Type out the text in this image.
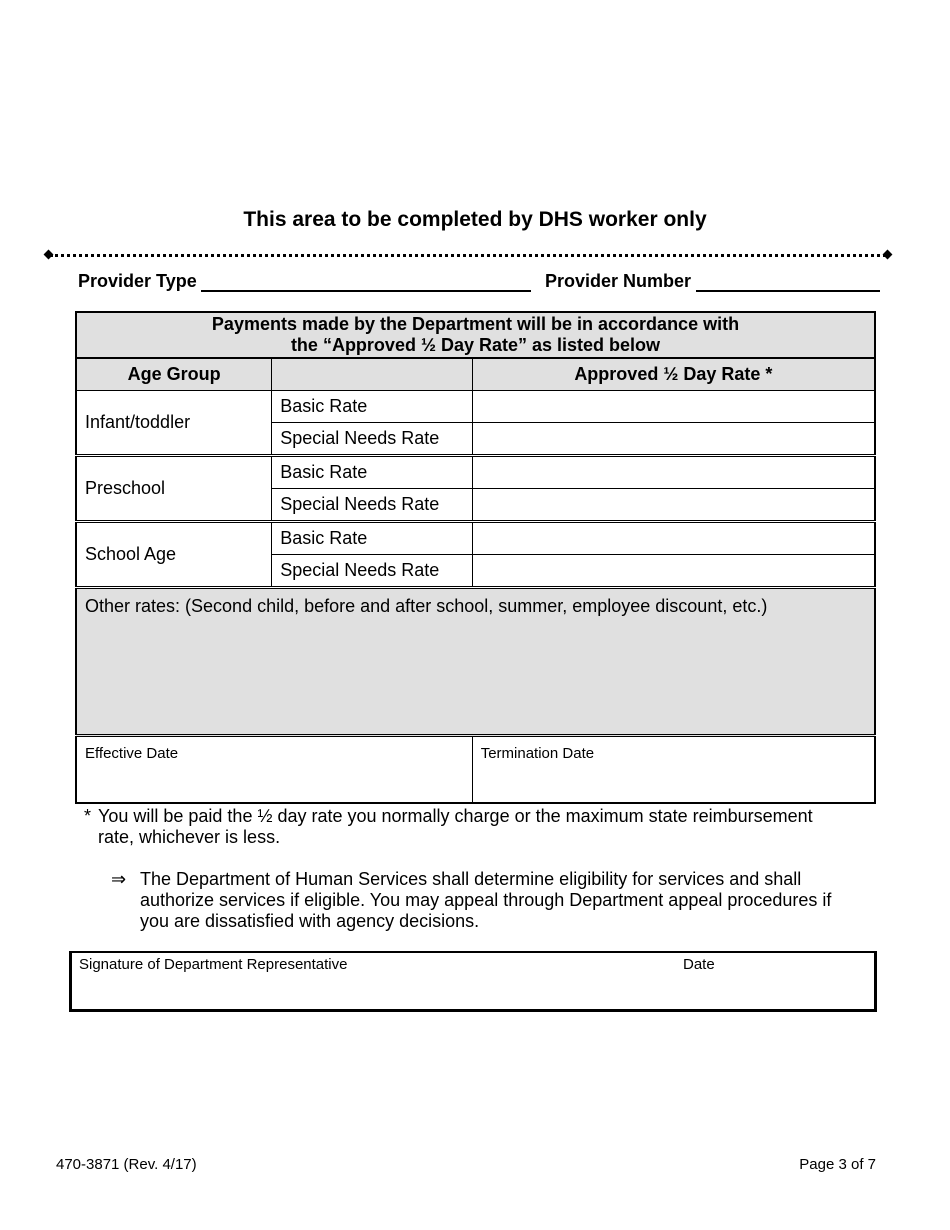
This area to be completed by DHS worker only
Provider Type	Provider Number
Payments made by the Department will be in accordance with
the “Approved ½ Day Rate” as listed below		
Age Group		Approved ½ Day Rate *
Infant/toddler	Basic Rate	
	Special Needs Rate	
Preschool	Basic Rate	
	Special Needs Rate	
School Age	Basic Rate	
	Special Needs Rate	
Other rates: (Second child, before and after school, summer, employee discount, etc.)		
Effective Date		Termination Date
* You will be paid the ½ day rate you normally charge or the maximum state reimbursement
rate, whichever is less.
⇒ The Department of Human Services shall determine eligibility for services and shall
authorize services if eligible. You may appeal through Department appeal procedures if
you are dissatisfied with agency decisions.
Signature of Department Representative	Date
470-3871 (Rev. 4/17)	Page 3 of 7
